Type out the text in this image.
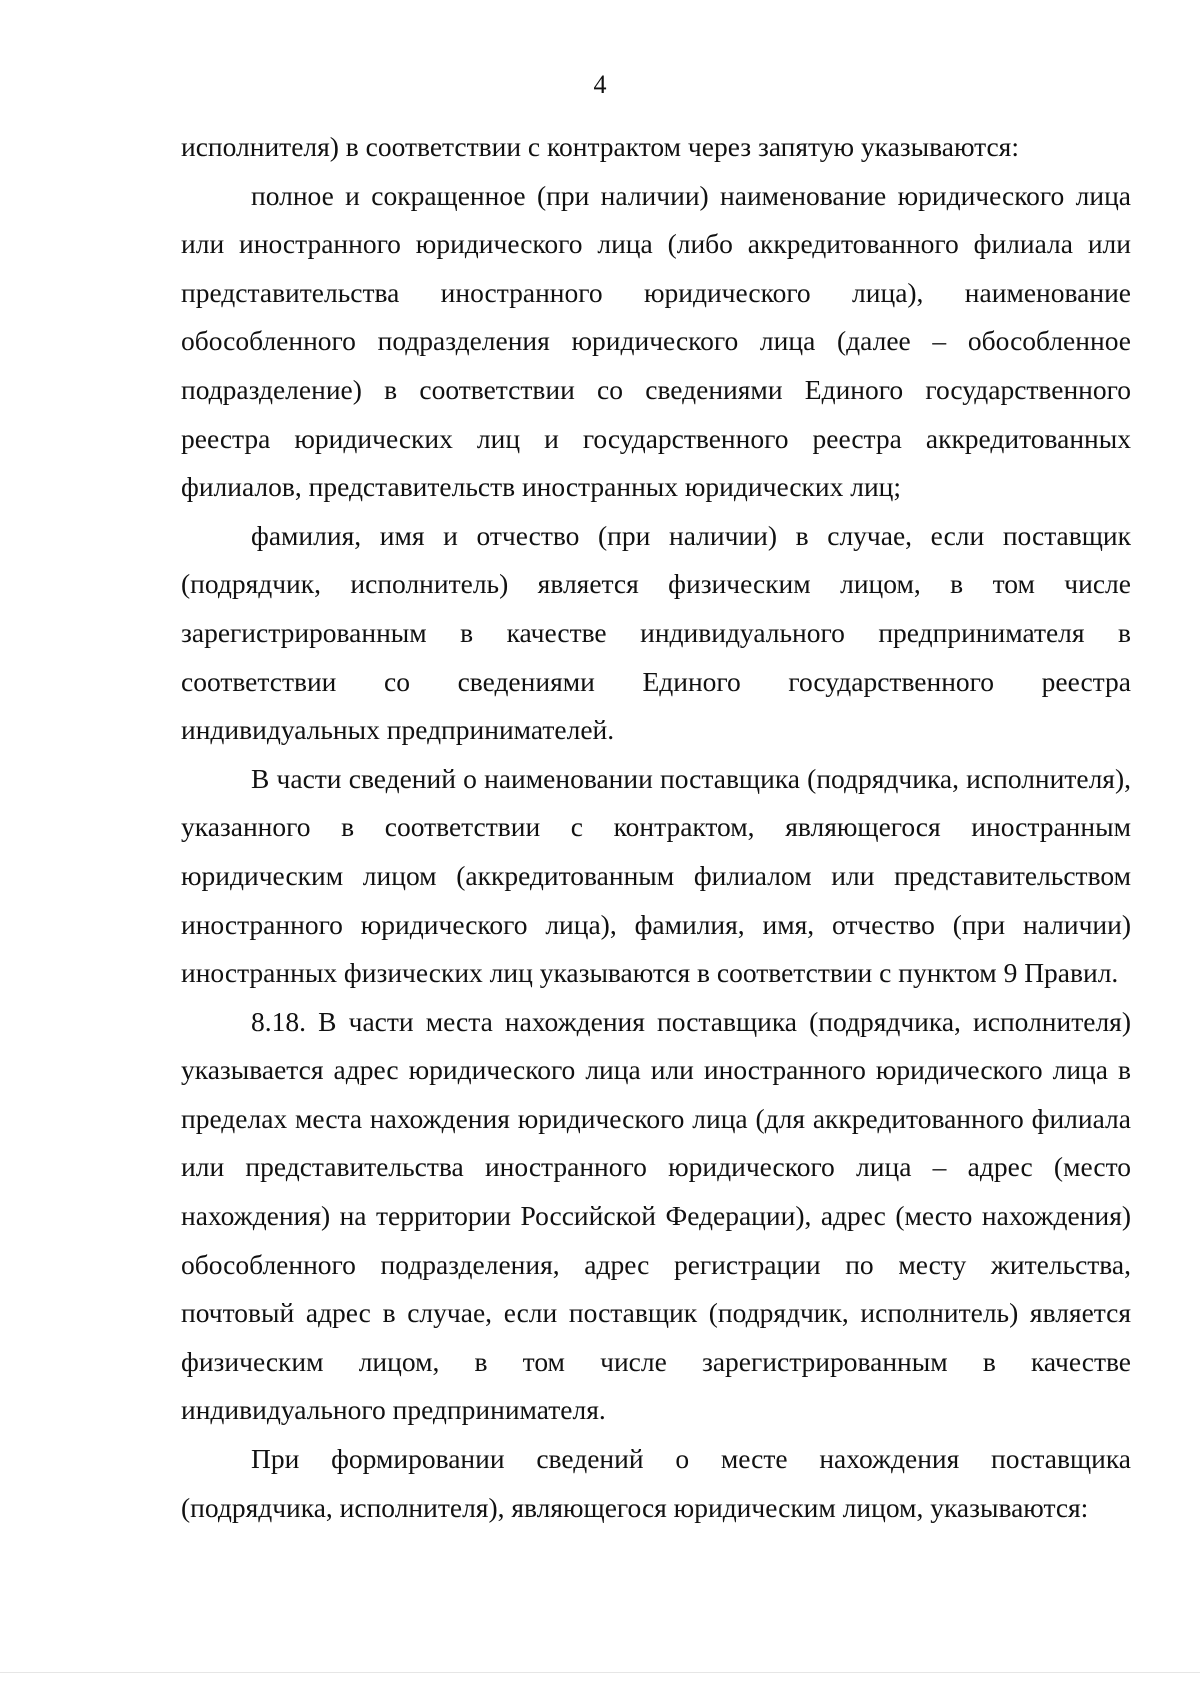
4

исполнителя) в соответствии с контрактом через запятую указываются:

полное и сокращенное (при наличии) наименование юридического лица или иностранного юридического лица (либо аккредитованного филиала или представительства иностранного юридического лица), наименование обособленного подразделения юридического лица (далее – обособленное подразделение) в соответствии со сведениями Единого государственного реестра юридических лиц и государственного реестра аккредитованных филиалов, представительств иностранных юридических лиц;

фамилия, имя и отчество (при наличии) в случае, если поставщик (подрядчик, исполнитель) является физическим лицом, в том числе зарегистрированным в качестве индивидуального предпринимателя в соответствии со сведениями Единого государственного реестра индивидуальных предпринимателей.

В части сведений о наименовании поставщика (подрядчика, исполнителя), указанного в соответствии с контрактом, являющегося иностранным юридическим лицом (аккредитованным филиалом или представительством иностранного юридического лица), фамилия, имя, отчество (при наличии) иностранных физических лиц указываются в соответствии с пунктом 9 Правил.

8.18. В части места нахождения поставщика (подрядчика, исполнителя) указывается адрес юридического лица или иностранного юридического лица в пределах места нахождения юридического лица (для аккредитованного филиала или представительства иностранного юридического лица – адрес (место нахождения) на территории Российской Федерации), адрес (место нахождения) обособленного подразделения, адрес регистрации по месту жительства, почтовый адрес в случае, если поставщик (подрядчик, исполнитель) является физическим лицом, в том числе зарегистрированным в качестве индивидуального предпринимателя.

При формировании сведений о месте нахождения поставщика (подрядчика, исполнителя), являющегося юридическим лицом, указываются:
